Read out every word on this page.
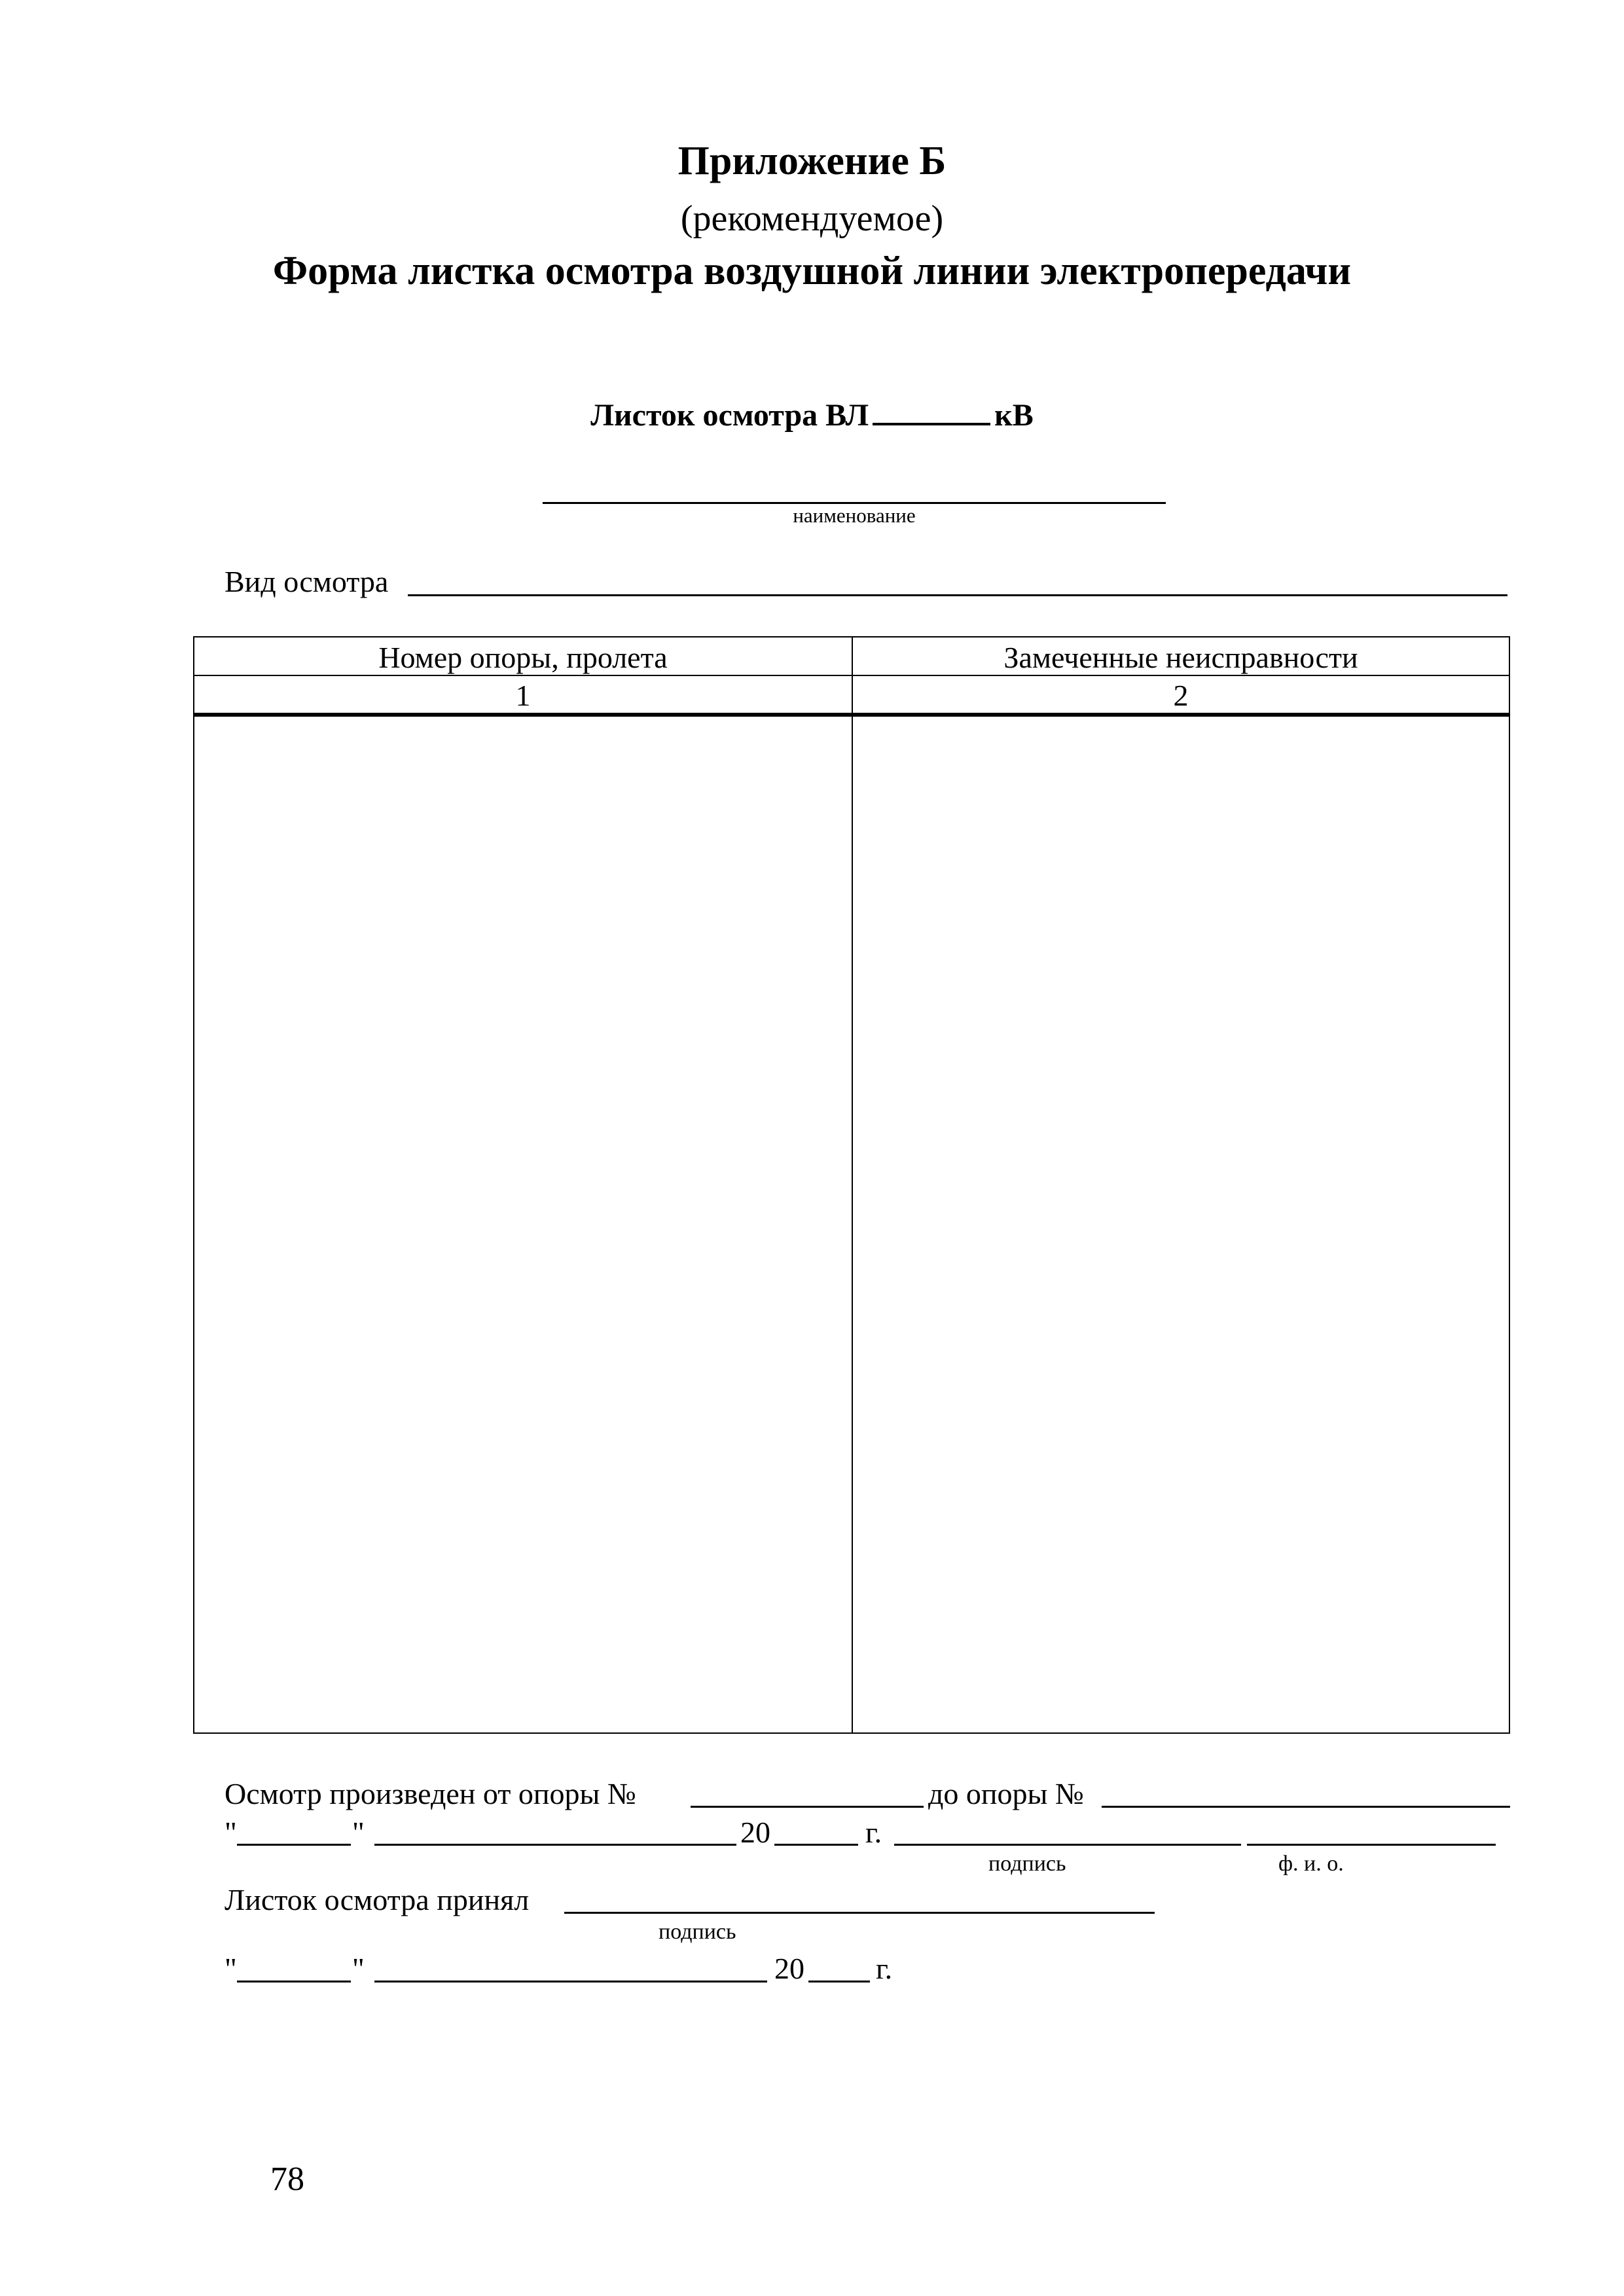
Приложение Б
(рекомендуемое)
Форма листка осмотра воздушной линии электропередачи
Листок осмотра ВЛ	кВ
наименование
Вид осмотра
Номер опоры, пролета	Замеченные неисправности
1	2
Осмотр произведен от опоры №	до опоры №
"	"	20	г.
подпись	ф. и. о.
Листок осмотра принял
подпись
"	"	20 г.
78
